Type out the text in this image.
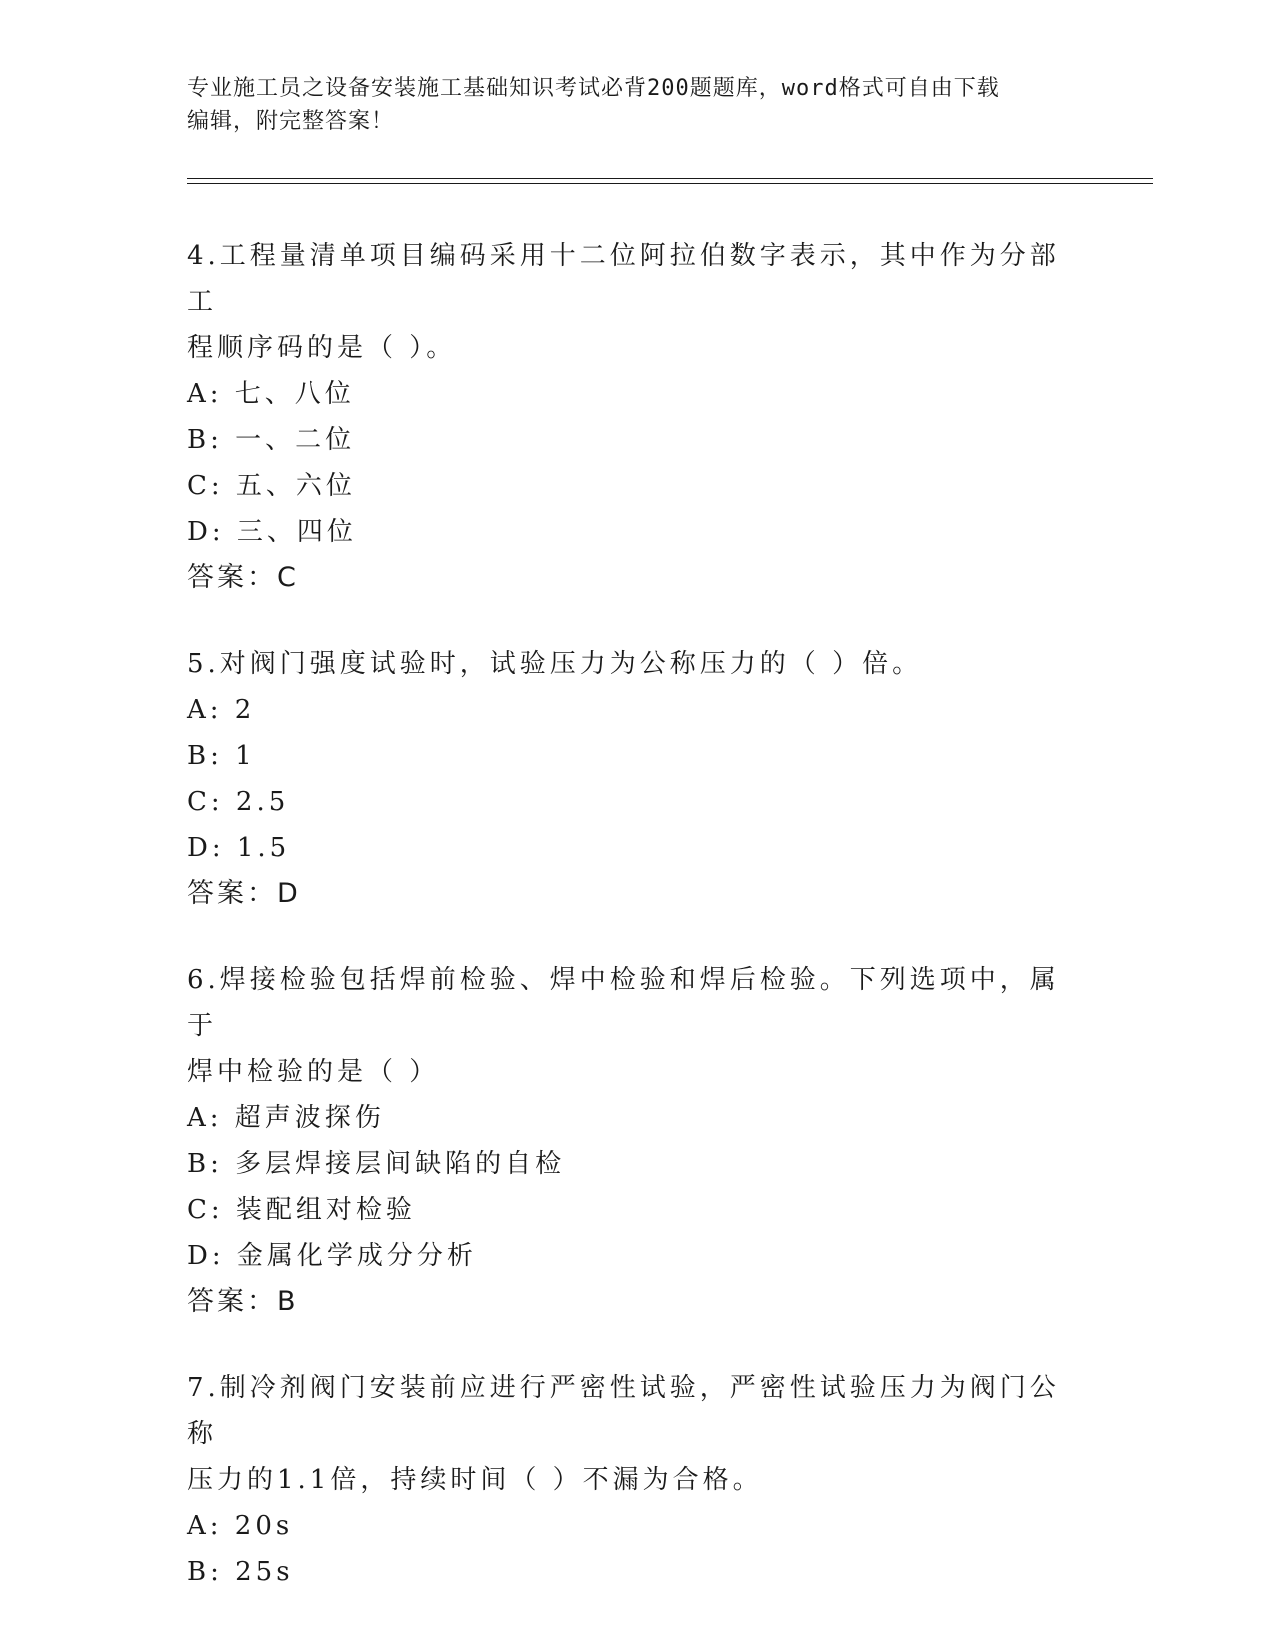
专业施工员之设备安装施工基础知识考试必背200题题库，word格式可自由下载
编辑，附完整答案！

4.工程量清单项目编码采用十二位阿拉伯数字表示，其中作为分部工

程顺序码的是（ ）。

A: 七、八位

B: 一、二位

C: 五、六位

D: 三、四位

答案：C

5.对阀门强度试验时，试验压力为公称压力的（ ）倍。

A: 2

B: 1

C: 2.5

D: 1.5

答案：D

6.焊接检验包括焊前检验、焊中检验和焊后检验。下列选项中，属于

焊中检验的是（ ）

A: 超声波探伤

B: 多层焊接层间缺陷的自检

C: 装配组对检验

D: 金属化学成分分析

答案：B

7.制冷剂阀门安装前应进行严密性试验，严密性试验压力为阀门公称

压力的1.1倍，持续时间（ ）不漏为合格。

A: 20s

B: 25s
